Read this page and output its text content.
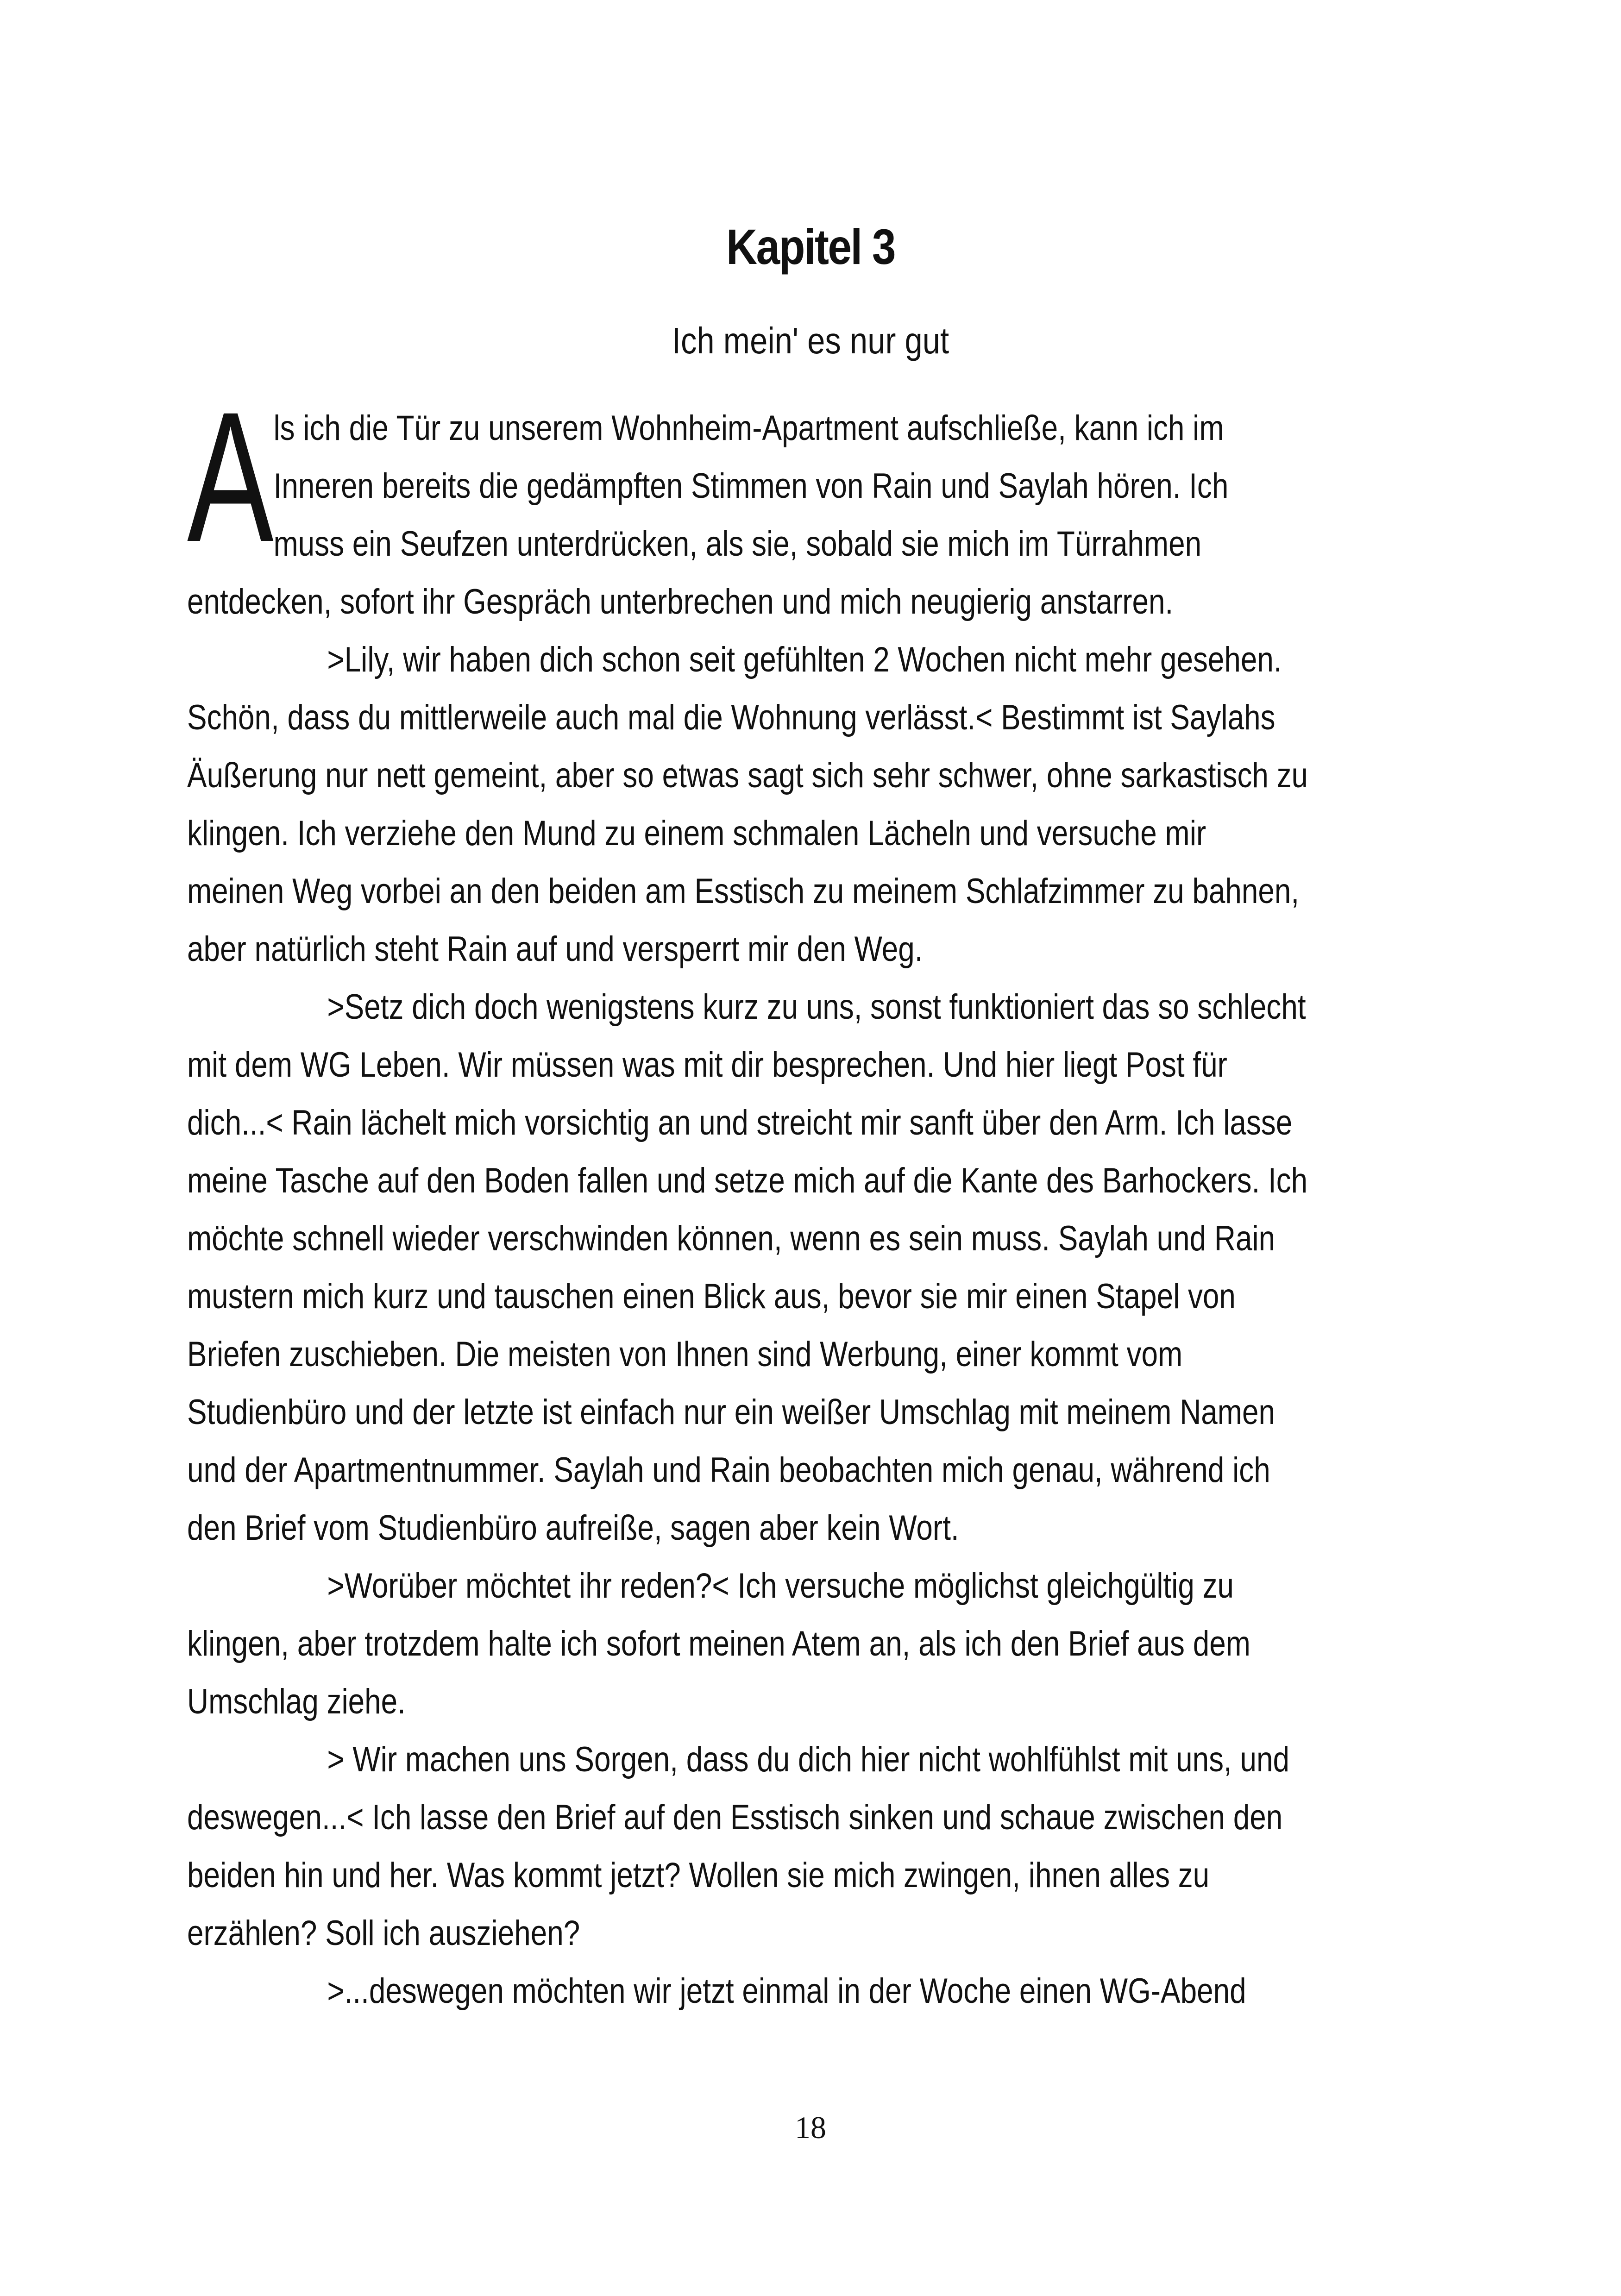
Kapitel 3
Ich mein' es nur gut
A ls ich die Tür zu unserem Wohnheim-Apartment aufschließe, kann ich im
Inneren bereits die gedämpften Stimmen von Rain und Saylah hören. Ich
muss ein Seufzen unterdrücken, als sie, sobald sie mich im Türrahmen
entdecken, sofort ihr Gespräch unterbrechen und mich neugierig anstarren.
>Lily, wir haben dich schon seit gefühlten 2 Wochen nicht mehr gesehen.
Schön, dass du mittlerweile auch mal die Wohnung verlässt.< Bestimmt ist Saylahs
Äußerung nur nett gemeint, aber so etwas sagt sich sehr schwer, ohne sarkastisch zu
klingen. Ich verziehe den Mund zu einem schmalen Lächeln und versuche mir
meinen Weg vorbei an den beiden am Esstisch zu meinem Schlafzimmer zu bahnen,
aber natürlich steht Rain auf und versperrt mir den Weg.
>Setz dich doch wenigstens kurz zu uns, sonst funktioniert das so schlecht
mit dem WG Leben. Wir müssen was mit dir besprechen. Und hier liegt Post für
dich...< Rain lächelt mich vorsichtig an und streicht mir sanft über den Arm. Ich lasse
meine Tasche auf den Boden fallen und setze mich auf die Kante des Barhockers. Ich
möchte schnell wieder verschwinden können, wenn es sein muss. Saylah und Rain
mustern mich kurz und tauschen einen Blick aus, bevor sie mir einen Stapel von
Briefen zuschieben. Die meisten von Ihnen sind Werbung, einer kommt vom
Studienbüro und der letzte ist einfach nur ein weißer Umschlag mit meinem Namen
und der Apartmentnummer. Saylah und Rain beobachten mich genau, während ich
den Brief vom Studienbüro aufreiße, sagen aber kein Wort.
>Worüber möchtet ihr reden?< Ich versuche möglichst gleichgültig zu
klingen, aber trotzdem halte ich sofort meinen Atem an, als ich den Brief aus dem
Umschlag ziehe.
> Wir machen uns Sorgen, dass du dich hier nicht wohlfühlst mit uns, und
deswegen...< Ich lasse den Brief auf den Esstisch sinken und schaue zwischen den
beiden hin und her. Was kommt jetzt? Wollen sie mich zwingen, ihnen alles zu
erzählen? Soll ich ausziehen?
>...deswegen möchten wir jetzt einmal in der Woche einen WG-Abend
18
